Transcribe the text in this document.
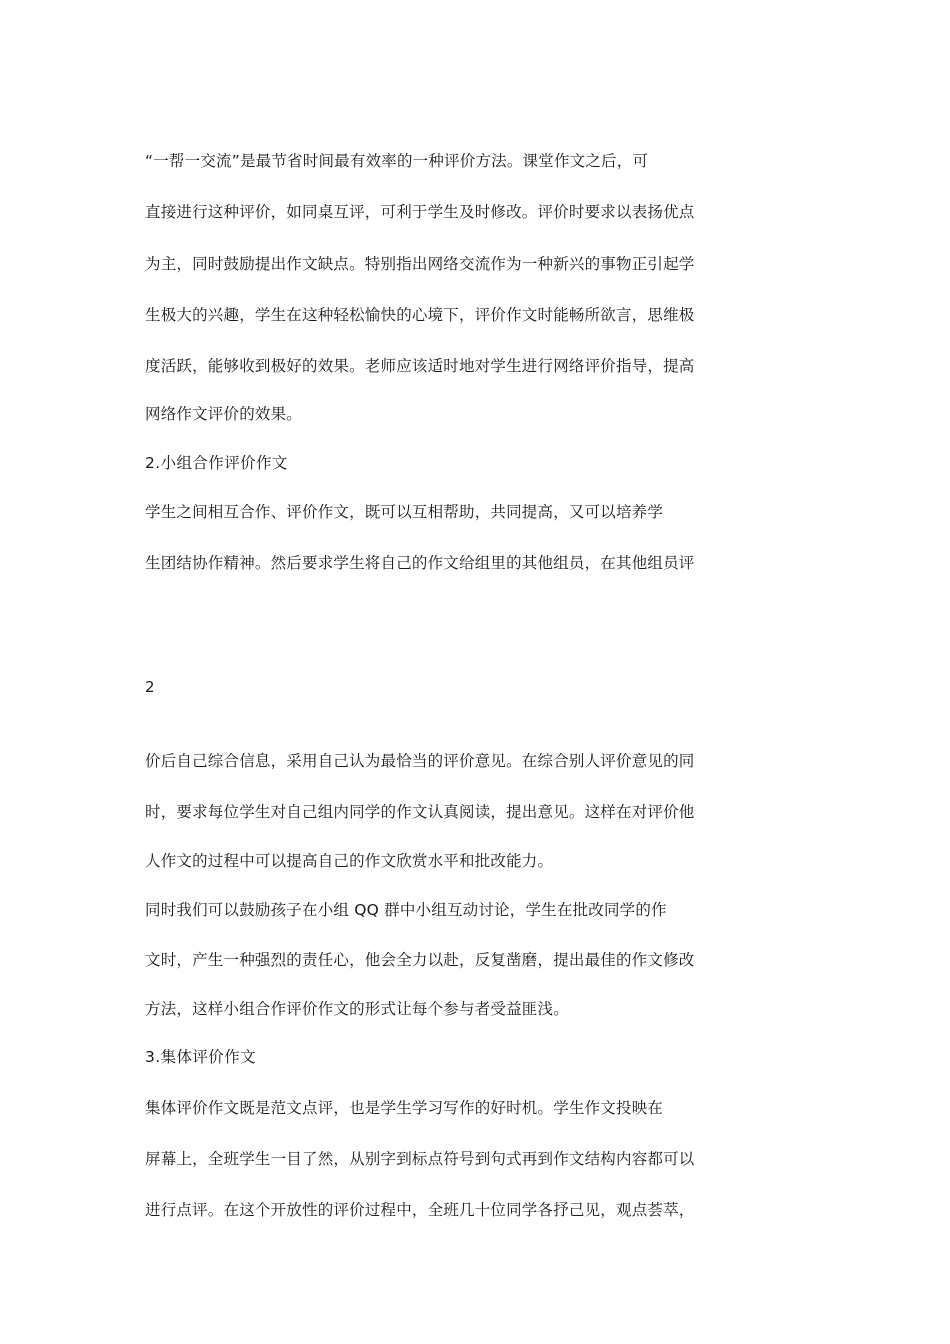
“一帮一交流”是最节省时间最有效率的一种评价方法。课堂作文之后，可
直接进行这种评价，如同桌互评，可利于学生及时修改。评价时要求以表扬优点
为主，同时鼓励提出作文缺点。特别指出网络交流作为一种新兴的事物正引起学
生极大的兴趣，学生在这种轻松愉快的心境下，评价作文时能畅所欲言，思维极
度活跃，能够收到极好的效果。老师应该适时地对学生进行网络评价指导，提高
网络作文评价的效果。
2.小组合作评价作文
学生之间相互合作、评价作文，既可以互相帮助，共同提高，又可以培养学
生团结协作精神。然后要求学生将自己的作文给组里的其他组员，在其他组员评
2
价后自己综合信息，采用自己认为最恰当的评价意见。在综合别人评价意见的同
时，要求每位学生对自己组内同学的作文认真阅读，提出意见。这样在对评价他
人作文的过程中可以提高自己的作文欣赏水平和批改能力。
同时我们可以鼓励孩子在小组 QQ 群中小组互动讨论，学生在批改同学的作
文时，产生一种强烈的责任心，他会全力以赴，反复凿磨，提出最佳的作文修改
方法，这样小组合作评价作文的形式让每个参与者受益匪浅。
3.集体评价作文
集体评价作文既是范文点评，也是学生学习写作的好时机。学生作文投映在
屏幕上，全班学生一目了然，从别字到标点符号到句式再到作文结构内容都可以
进行点评。在这个开放性的评价过程中，全班几十位同学各抒己见，观点荟萃，
